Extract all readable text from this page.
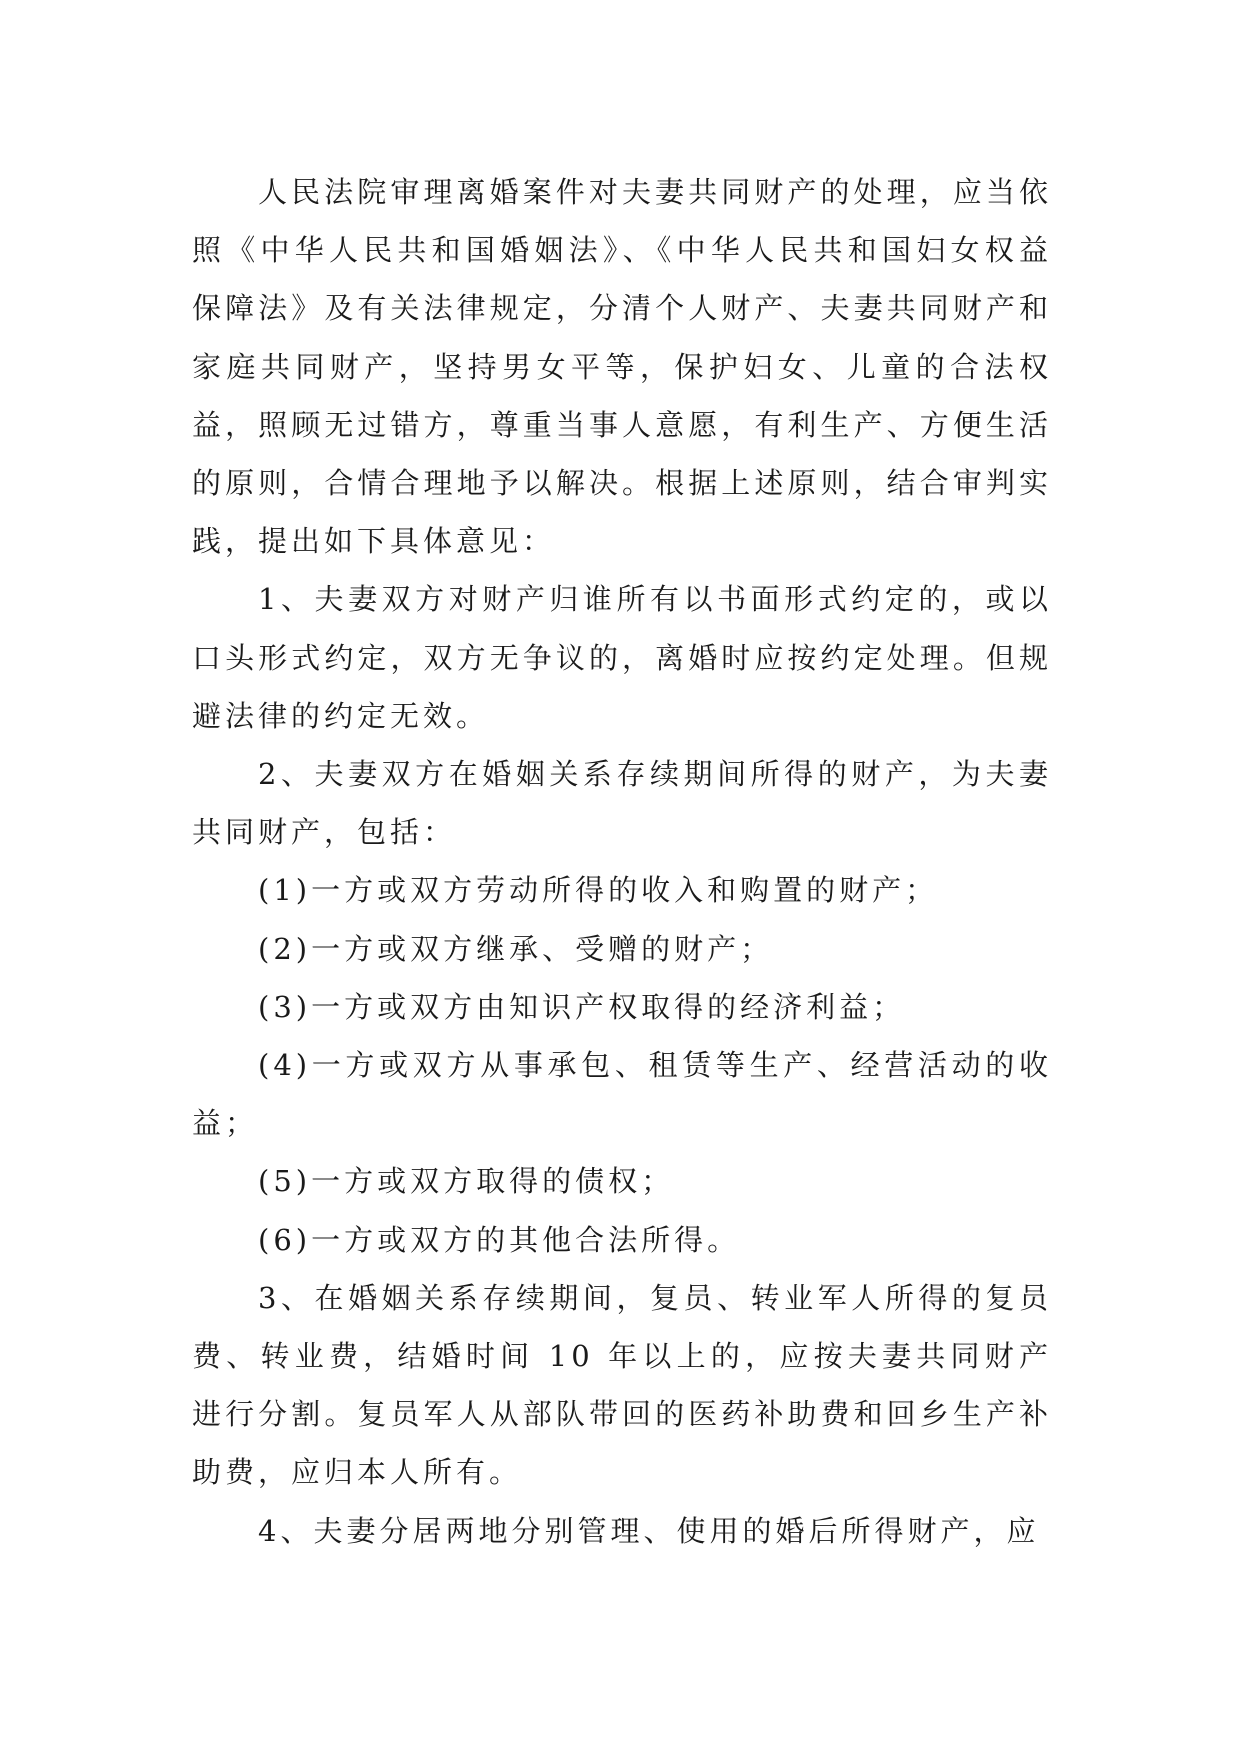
人民法院审理离婚案件对夫妻共同财产的处理，应当依照《中华人民共和国婚姻法》、《中华人民共和国妇女权益保障法》及有关法律规定，分清个人财产、夫妻共同财产和家庭共同财产，坚持男女平等，保护妇女、儿童的合法权益，照顾无过错方，尊重当事人意愿，有利生产、方便生活的原则，合情合理地予以解决。根据上述原则，结合审判实践，提出如下具体意见：

1、夫妻双方对财产归谁所有以书面形式约定的，或以口头形式约定，双方无争议的，离婚时应按约定处理。但规避法律的约定无效。

2、夫妻双方在婚姻关系存续期间所得的财产，为夫妻共同财产，包括：

(1)一方或双方劳动所得的收入和购置的财产；

(2)一方或双方继承、受赠的财产；

(3)一方或双方由知识产权取得的经济利益；

(4)一方或双方从事承包、租赁等生产、经营活动的收益；

(5)一方或双方取得的债权；

(6)一方或双方的其他合法所得。

3、在婚姻关系存续期间，复员、转业军人所得的复员费、转业费，结婚时间 10 年以上的，应按夫妻共同财产进行分割。复员军人从部队带回的医药补助费和回乡生产补助费，应归本人所有。

4、夫妻分居两地分别管理、使用的婚后所得财产，应
